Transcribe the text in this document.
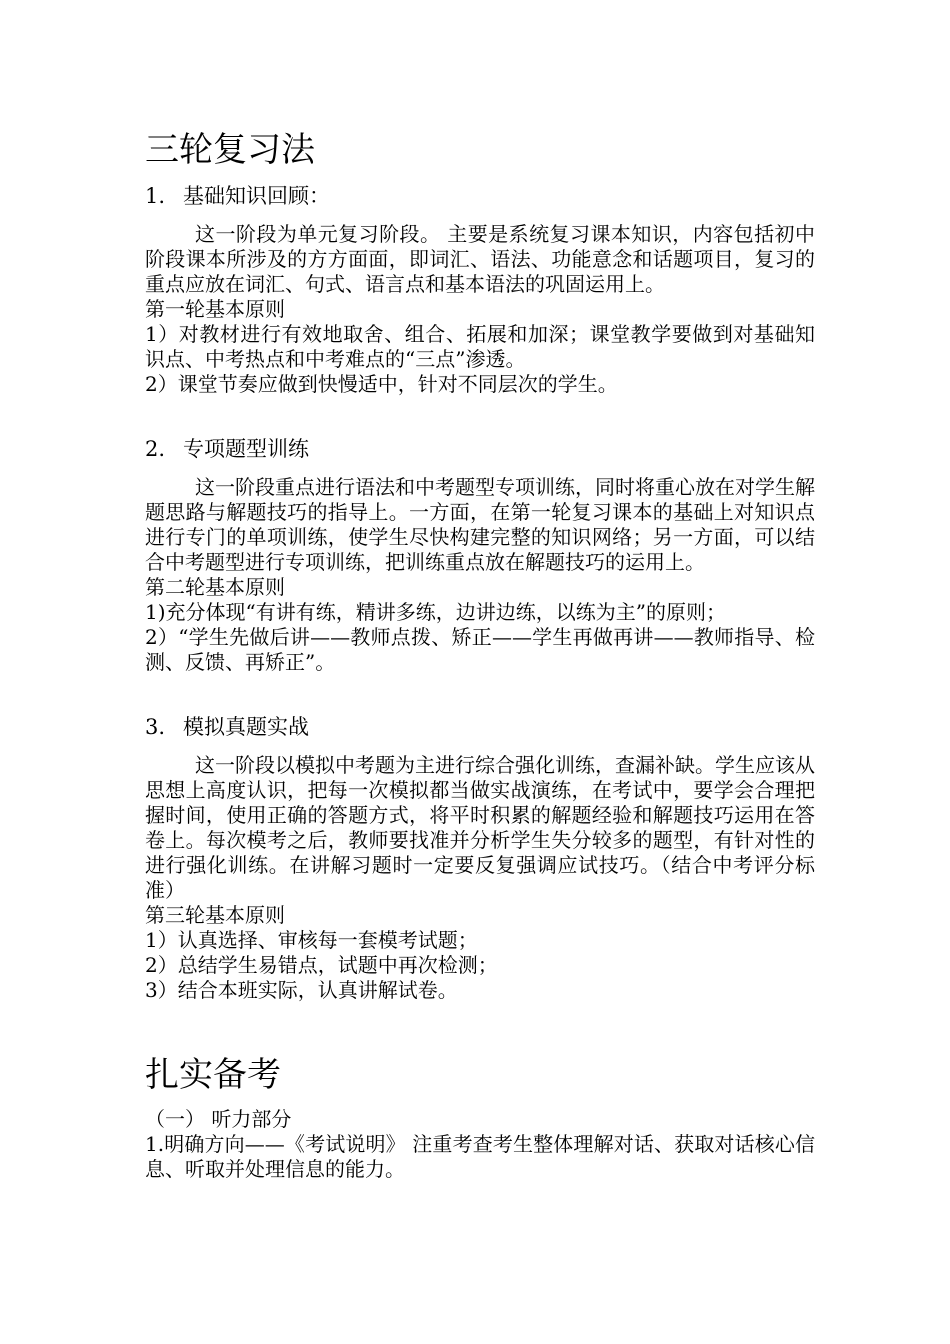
三轮复习法
1. 基础知识回顾：

这一阶段为单元复习阶段。 主要是系统复习课本知识，内容包括初中阶段课本所涉及的方方面面，即词汇、语法、功能意念和话题项目，复习的重点应放在词汇、句式、语言点和基本语法的巩固运用上。

第一轮基本原则

1）对教材进行有效地取舍、组合、拓展和加深；课堂教学要做到对基础知识点、中考热点和中考难点的“三点”渗透。

2）课堂节奏应做到快慢适中，针对不同层次的学生。

2. 专项题型训练

这一阶段重点进行语法和中考题型专项训练，同时将重心放在对学生解题思路与解题技巧的指导上。一方面，在第一轮复习课本的基础上对知识点进行专门的单项训练，使学生尽快构建完整的知识网络；另一方面，可以结合中考题型进行专项训练，把训练重点放在解题技巧的运用上。

第二轮基本原则

1)充分体现“有讲有练，精讲多练，边讲边练，以练为主”的原则；

2）“学生先做后讲——教师点拨、矫正——学生再做再讲——教师指导、检测、反馈、再矫正”。

3. 模拟真题实战

这一阶段以模拟中考题为主进行综合强化训练，查漏补缺。学生应该从思想上高度认识，把每一次模拟都当做实战演练，在考试中，要学会合理把握时间，使用正确的答题方式，将平时积累的解题经验和解题技巧运用在答卷上。每次模考之后，教师要找准并分析学生失分较多的题型，有针对性的进行强化训练。在讲解习题时一定要反复强调应试技巧。（结合中考评分标准）

第三轮基本原则

1）认真选择、审核每一套模考试题；

2）总结学生易错点，试题中再次检测；

3）结合本班实际，认真讲解试卷。

扎实备考

（一） 听力部分

1.明确方向——《考试说明》 注重考查考生整体理解对话、获取对话核心信息、听取并处理信息的能力。
